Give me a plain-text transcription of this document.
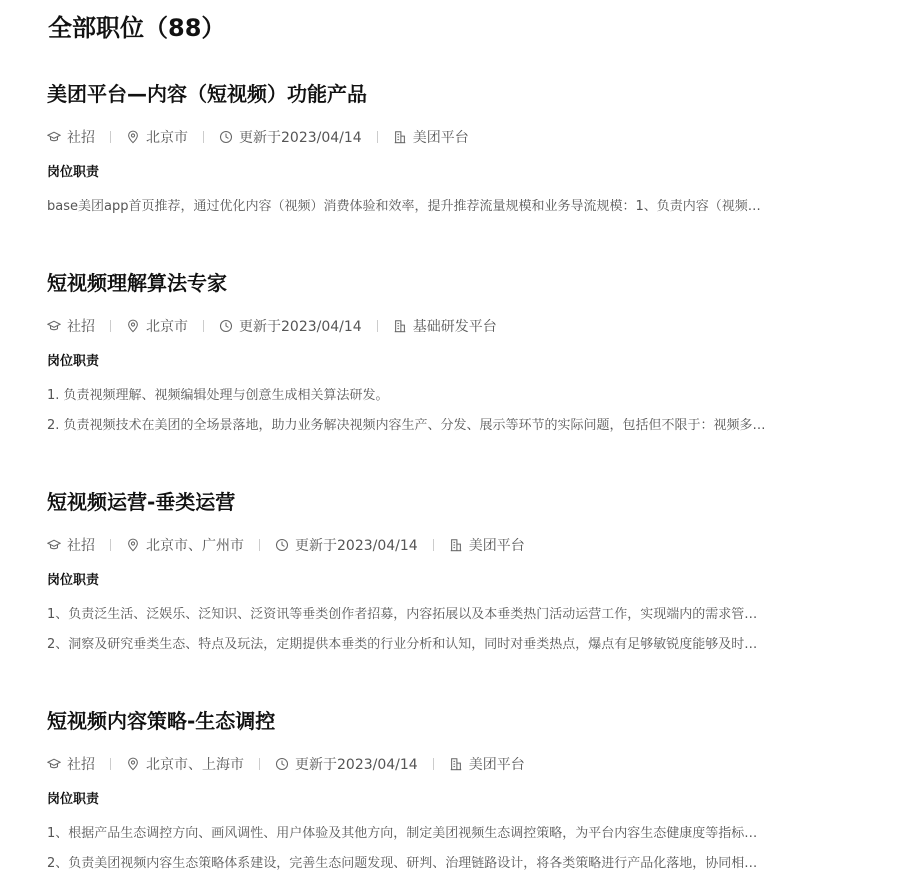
全部职位（88）
美团平台—内容（短视频）功能产品
社招	北京市	更新于2023/04/14	美团平台
岗位职责
base美团app首页推荐，通过优化内容（视频）消费体验和效率，提升推荐流量规模和业务导流规模：1、负责内容（视频…
短视频理解算法专家
社招	北京市	更新于2023/04/14	基础研发平台
岗位职责
1. 负责视频理解、视频编辑处理与创意生成相关算法研发。
2. 负责视频技术在美团的全场景落地，助力业务解决视频内容生产、分发、展示等环节的实际问题，包括但不限于：视频多…
短视频运营-垂类运营
社招	北京市、广州市	更新于2023/04/14	美团平台
岗位职责
1、负责泛生活、泛娱乐、泛知识、泛资讯等垂类创作者招募，内容拓展以及本垂类热门活动运营工作，实现端内的需求管…
2、洞察及研究垂类生态、特点及玩法，定期提供本垂类的行业分析和认知，同时对垂类热点，爆点有足够敏锐度能够及时…
短视频内容策略-生态调控
社招	北京市、上海市	更新于2023/04/14	美团平台
岗位职责
1、根据产品生态调控方向、画风调性、用户体验及其他方向，制定美团视频生态调控策略，为平台内容生态健康度等指标…
2、负责美团视频内容生态策略体系建设，完善生态问题发现、研判、治理链路设计，将各类策略进行产品化落地，协同相…
